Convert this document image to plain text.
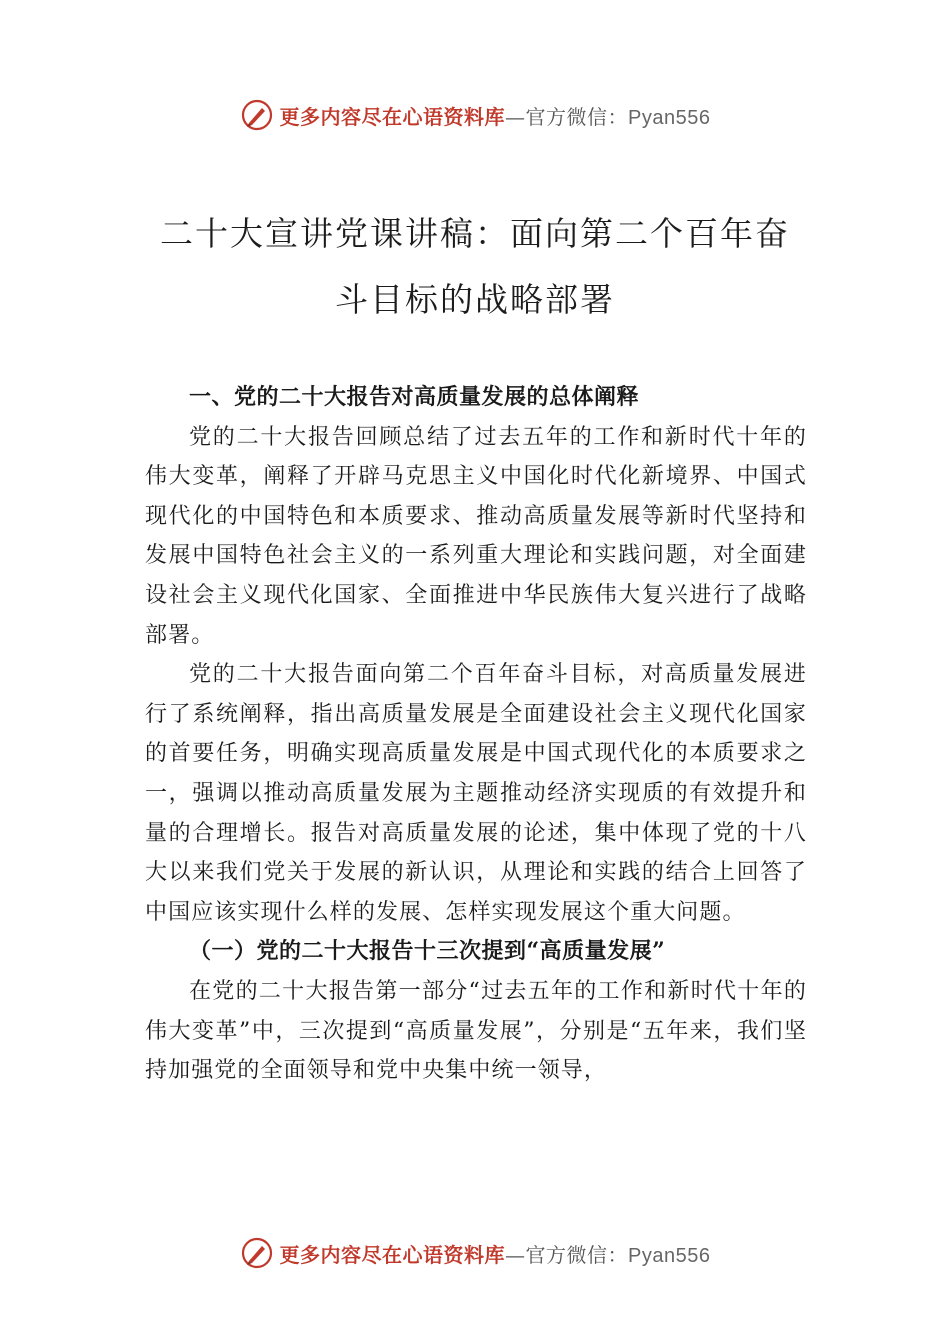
更多内容尽在心语资料库—官方微信：Pyan556
二十大宣讲党课讲稿：面向第二个百年奋
斗目标的战略部署

一、党的二十大报告对高质量发展的总体阐释

党的二十大报告回顾总结了过去五年的工作和新时代十年的伟大变革，阐释了开辟马克思主义中国化时代化新境界、中国式现代化的中国特色和本质要求、推动高质量发展等新时代坚持和发展中国特色社会主义的一系列重大理论和实践问题，对全面建设社会主义现代化国家、全面推进中华民族伟大复兴进行了战略部署。

党的二十大报告面向第二个百年奋斗目标，对高质量发展进行了系统阐释，指出高质量发展是全面建设社会主义现代化国家的首要任务，明确实现高质量发展是中国式现代化的本质要求之一，强调以推动高质量发展为主题推动经济实现质的有效提升和量的合理增长。报告对高质量发展的论述，集中体现了党的十八大以来我们党关于发展的新认识，从理论和实践的结合上回答了中国应该实现什么样的发展、怎样实现发展这个重大问题。

（一）党的二十大报告十三次提到“高质量发展”

在党的二十大报告第一部分“过去五年的工作和新时代十年的伟大变革”中，三次提到“高质量发展”，分别是“五年来，我们坚持加强党的全面领导和党中央集中统一领导，

更多内容尽在心语资料库—官方微信：Pyan556
